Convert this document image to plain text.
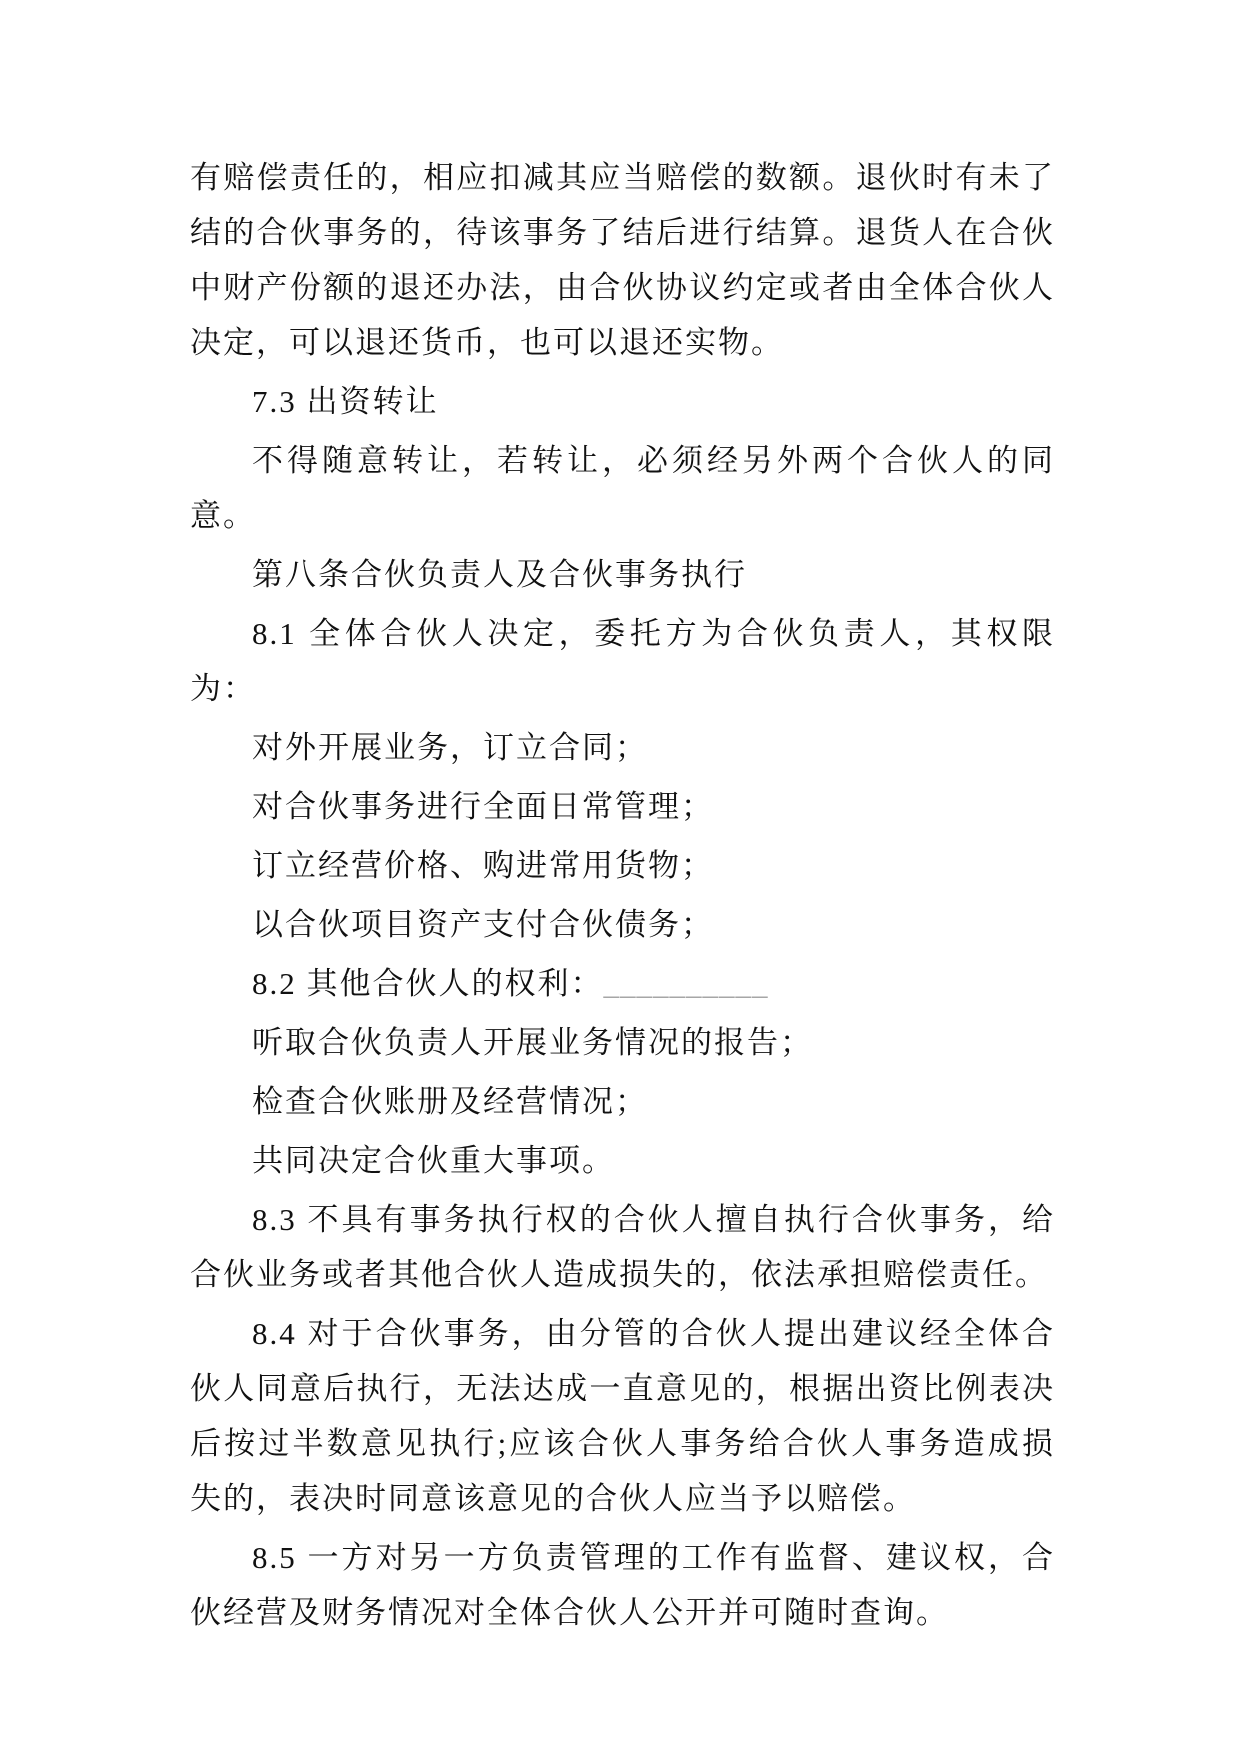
有赔偿责任的，相应扣减其应当赔偿的数额。退伙时有未了结的合伙事务的，待该事务了结后进行结算。退货人在合伙中财产份额的退还办法，由合伙协议约定或者由全体合伙人决定，可以退还货币，也可以退还实物。

7.3 出资转让

不得随意转让，若转让，必须经另外两个合伙人的同意。

第八条合伙负责人及合伙事务执行

8.1 全体合伙人决定，委托方为合伙负责人，其权限为：

对外开展业务，订立合同；

对合伙事务进行全面日常管理；

订立经营价格、购进常用货物；

以合伙项目资产支付合伙债务；

8.2 其他合伙人的权利：__________

听取合伙负责人开展业务情况的报告；

检查合伙账册及经营情况；

共同决定合伙重大事项。

8.3 不具有事务执行权的合伙人擅自执行合伙事务，给合伙业务或者其他合伙人造成损失的，依法承担赔偿责任。

8.4 对于合伙事务，由分管的合伙人提出建议经全体合伙人同意后执行，无法达成一直意见的，根据出资比例表决后按过半数意见执行;应该合伙人事务给合伙人事务造成损失的，表决时同意该意见的合伙人应当予以赔偿。

8.5 一方对另一方负责管理的工作有监督、建议权，合伙经营及财务情况对全体合伙人公开并可随时查询。
